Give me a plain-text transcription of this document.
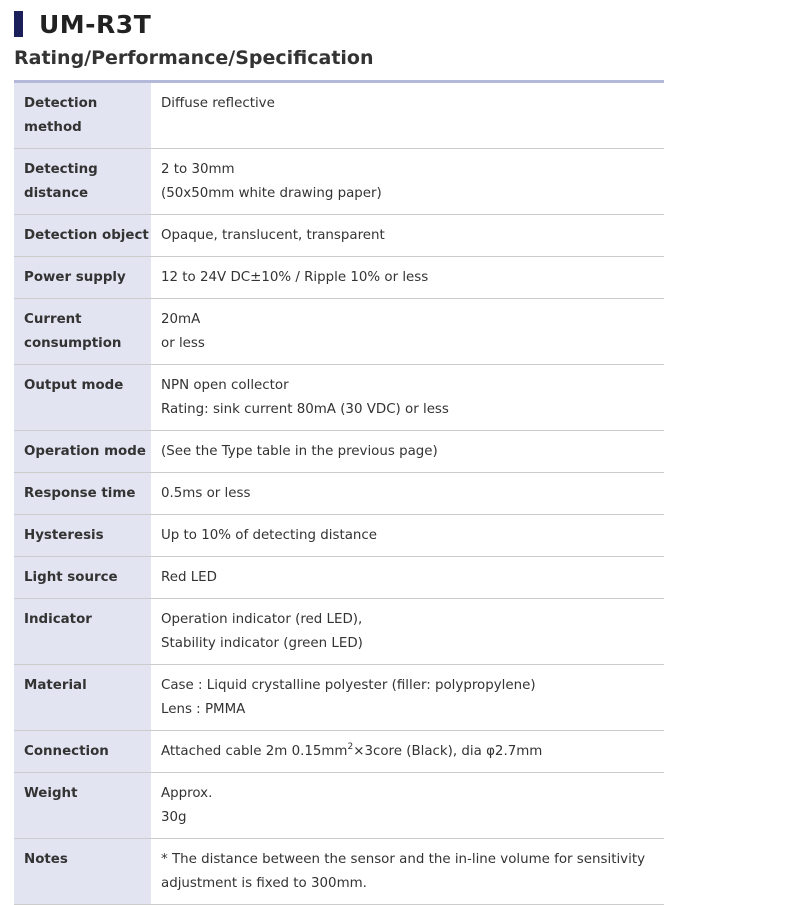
UM-R3T
Rating/Performance/Specification
Detection
method	Diffuse reflective

Detecting
distance	2 to 30mm
(50x50mm white drawing paper)

Detection object	Opaque, translucent, transparent

Power supply	12 to 24V DC±10% / Ripple 10% or less

Current
consumption	20mA
or less

Output mode	NPN open collector
Rating: sink current 80mA (30 VDC) or less

Operation mode	(See the Type table in the previous page)

Response time	0.5ms or less

Hysteresis	Up to 10% of detecting distance

Light source	Red LED

Indicator	Operation indicator (red LED),
Stability indicator (green LED)

Material	Case : Liquid crystalline polyester (filler: polypropylene)
Lens : PMMA

Connection	Attached cable 2m $0.15mm^2\times 3core$ (Black), dia φ2.7mm

Weight	Approx.
30g

Notes	* The distance between the sensor and the in-line volume for sensitivity
adjustment is fixed to 300mm.
